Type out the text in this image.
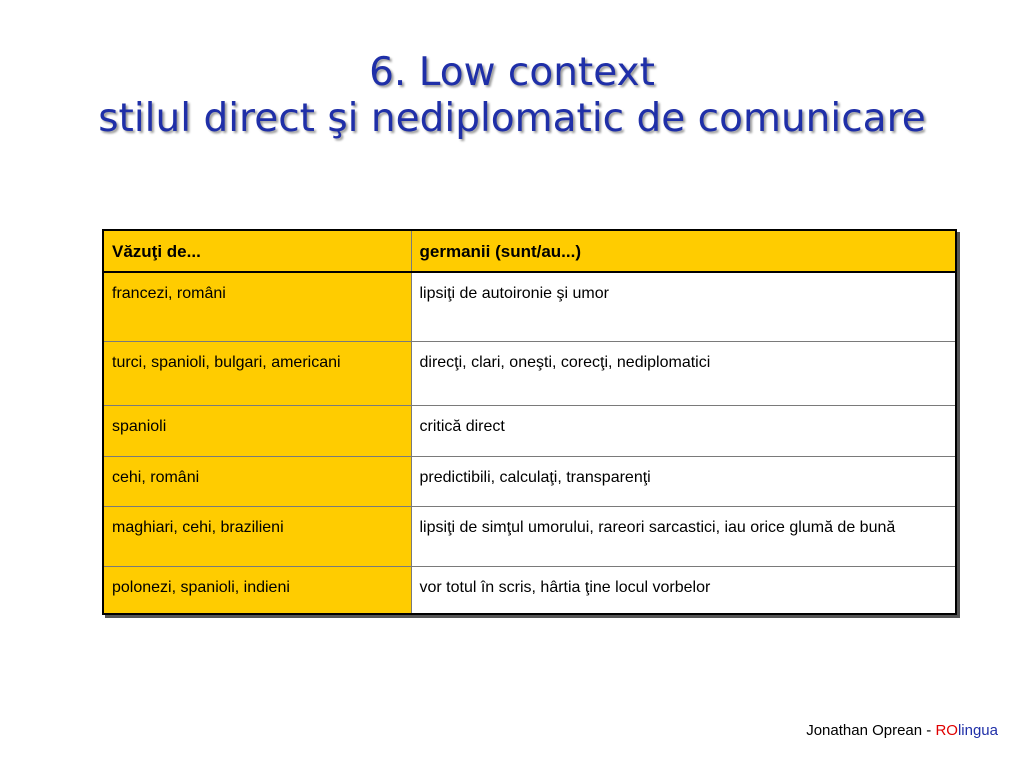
6. Low context
stilul direct şi nediplomatic de comunicare
Văzuţi de...	germanii (sunt/au...)
francezi, români	lipsiţi de autoironie şi umor
turci, spanioli, bulgari, americani	direcţi, clari, oneşti, corecţi, nediplomatici
spanioli	critică direct
cehi, români	predictibili, calculaţi, transparenţi
maghiari, cehi, brazilieni	lipsiţi de simţul umorului, rareori sarcastici, iau orice glumă de bună
polonezi, spanioli, indieni	vor totul în scris, hârtia ţine locul vorbelor
Jonathan Oprean - ROlingua
